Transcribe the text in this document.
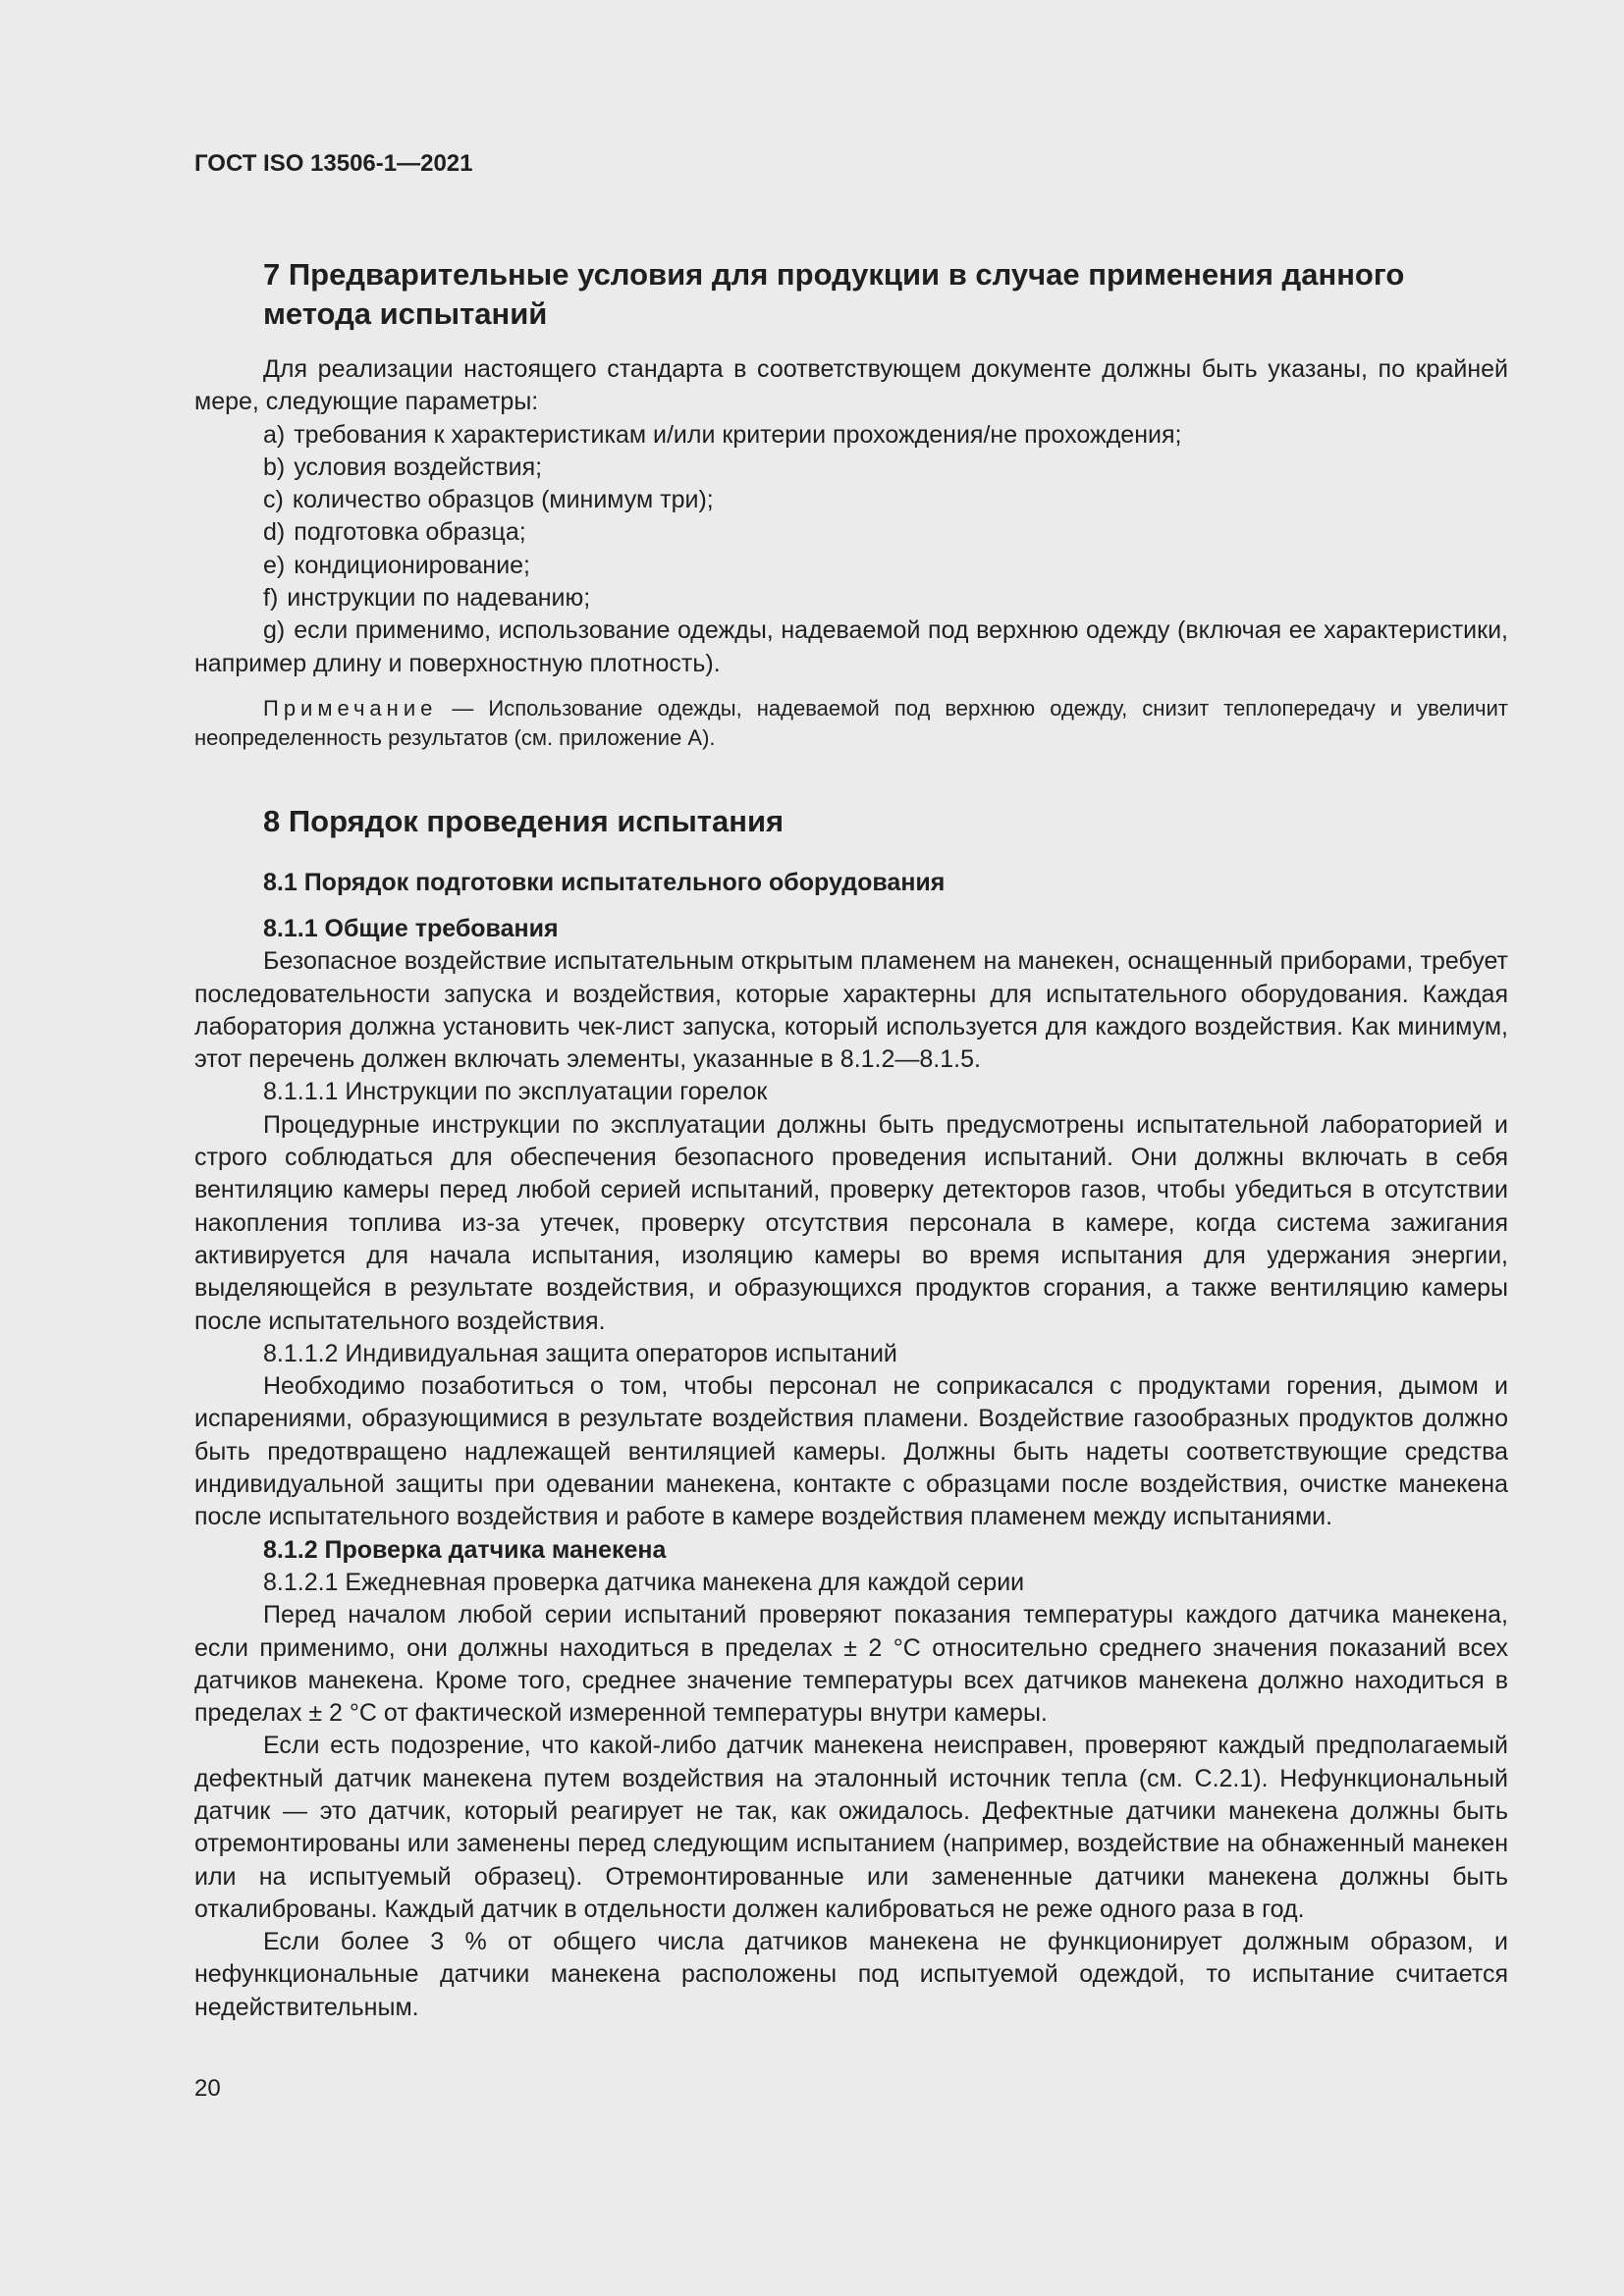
ГОСТ ISO 13506-1—2021
7 Предварительные условия для продукции в случае применения данного метода испытаний

Для реализации настоящего стандарта в соответствующем документе должны быть указаны, по крайней мере, следующие параметры:

a) требования к характеристикам и/или критерии прохождения/не прохождения;
b) условия воздействия;
c) количество образцов (минимум три);
d) подготовка образца;
e) кондиционирование;
f) инструкции по надеванию;
g) если применимо, использование одежды, надеваемой под верхнюю одежду (включая ее характеристики, например длину и поверхностную плотность).

Примечание — Использование одежды, надеваемой под верхнюю одежду, снизит теплопередачу и увеличит неопределенность результатов (см. приложение А).

8 Порядок проведения испытания
8.1 Порядок подготовки испытательного оборудования
8.1.1 Общие требования

Безопасное воздействие испытательным открытым пламенем на манекен, оснащенный приборами, требует последовательности запуска и воздействия, которые характерны для испытательного оборудования. Каждая лаборатория должна установить чек-лист запуска, который используется для каждого воздействия. Как минимум, этот перечень должен включать элементы, указанные в 8.1.2—8.1.5.

8.1.1.1 Инструкции по эксплуатации горелок

Процедурные инструкции по эксплуатации должны быть предусмотрены испытательной лабораторией и строго соблюдаться для обеспечения безопасного проведения испытаний. Они должны включать в себя вентиляцию камеры перед любой серией испытаний, проверку детекторов газов, чтобы убедиться в отсутствии накопления топлива из-за утечек, проверку отсутствия персонала в камере, когда система зажигания активируется для начала испытания, изоляцию камеры во время испытания для удержания энергии, выделяющейся в результате воздействия, и образующихся продуктов сгорания, а также вентиляцию камеры после испытательного воздействия.

8.1.1.2 Индивидуальная защита операторов испытаний

Необходимо позаботиться о том, чтобы персонал не соприкасался с продуктами горения, дымом и испарениями, образующимися в результате воздействия пламени. Воздействие газообразных продуктов должно быть предотвращено надлежащей вентиляцией камеры. Должны быть надеты соответствующие средства индивидуальной защиты при одевании манекена, контакте с образцами после воздействия, очистке манекена после испытательного воздействия и работе в камере воздействия пламенем между испытаниями.

8.1.2 Проверка датчика манекена

8.1.2.1 Ежедневная проверка датчика манекена для каждой серии

Перед началом любой серии испытаний проверяют показания температуры каждого датчика манекена, если применимо, они должны находиться в пределах ± 2 °С относительно среднего значения показаний всех датчиков манекена. Кроме того, среднее значение температуры всех датчиков манекена должно находиться в пределах ± 2 °С от фактической измеренной температуры внутри камеры.

Если есть подозрение, что какой-либо датчик манекена неисправен, проверяют каждый предполагаемый дефектный датчик манекена путем воздействия на эталонный источник тепла (см. С.2.1). Нефункциональный датчик — это датчик, который реагирует не так, как ожидалось. Дефектные датчики манекена должны быть отремонтированы или заменены перед следующим испытанием (например, воздействие на обнаженный манекен или на испытуемый образец). Отремонтированные или замененные датчики манекена должны быть откалиброваны. Каждый датчик в отдельности должен калиброваться не реже одного раза в год.

Если более 3 % от общего числа датчиков манекена не функционирует должным образом, и нефункциональные датчики манекена расположены под испытуемой одеждой, то испытание считается недействительным.

20
